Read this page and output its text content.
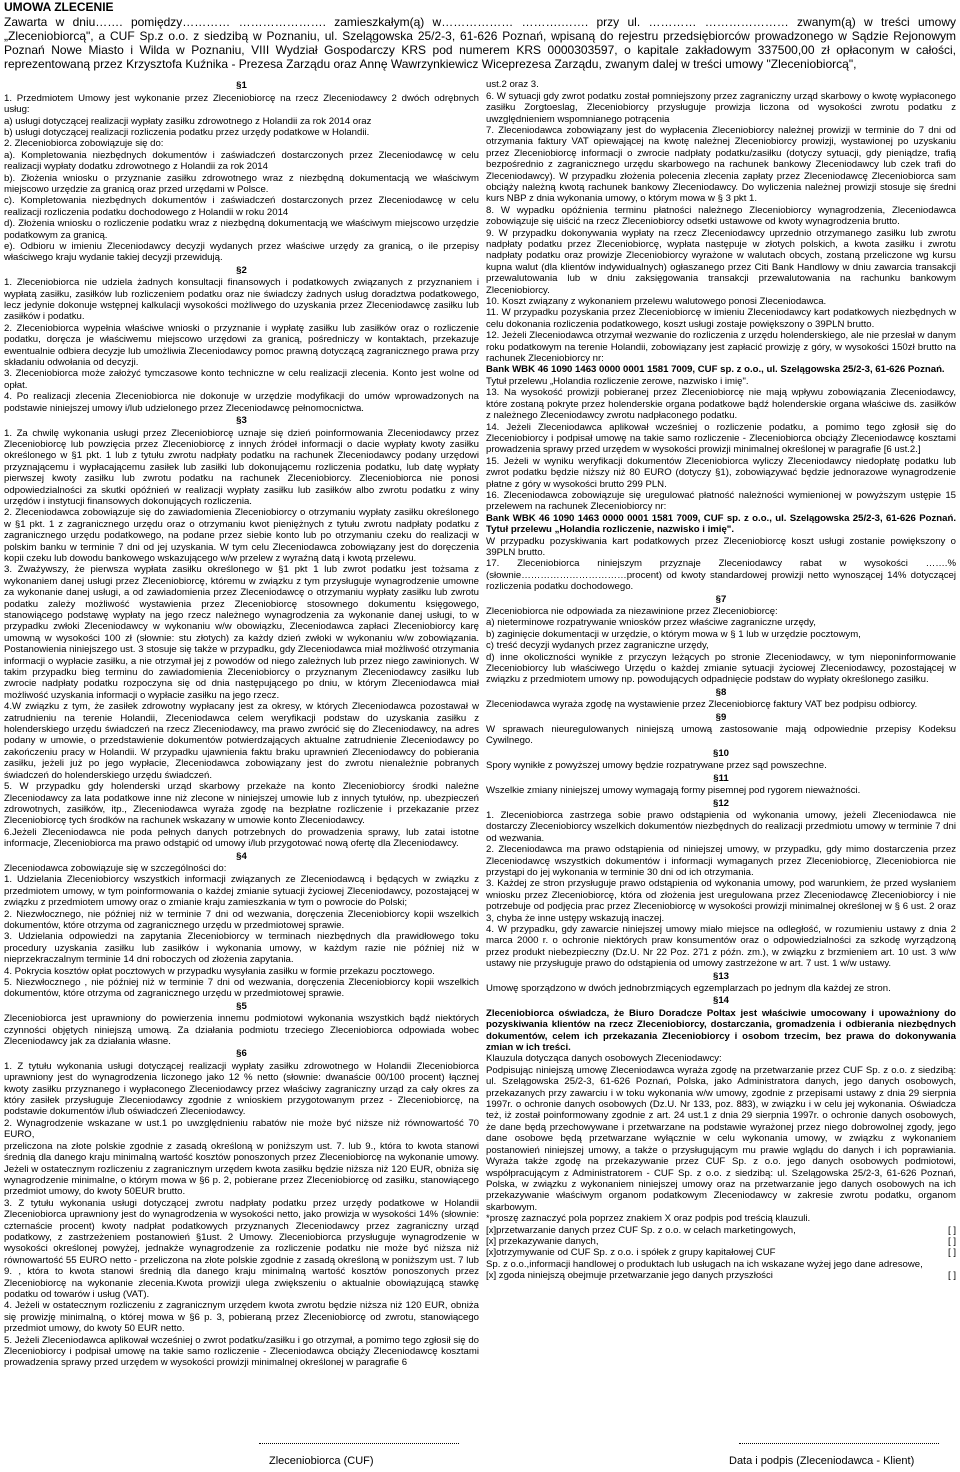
UMOWA ZLECENIE
Zawarta w dniu……. pomiędzy………… …………………. zamieszkałym(ą) w……………… ……….……. przy ul. ………… ………………… zwanym(ą) w treści umowy „Zleceniobiorcą", a CUF Sp.z o.o. z siedzibą w Poznaniu, ul. Szelągowska 25/2-3, 61-626 Poznań, wpisaną do rejestru przedsiębiorców prowadzonego w Sądzie Rejonowym Poznań Nowe Miasto i Wilda w Poznaniu, VIII Wydział Gospodarczy KRS pod numerem KRS 0000303597, o kapitale zakładowym 337500,00 zł opłaconym w całości, reprezentowaną przez Krzysztofa Kuźnika - Prezesa Zarządu oraz Annę Wawrzynkiewicz Wiceprezesa Zarządu, zwanym dalej w treści umowy "Zleceniobiorcą",
§1

1. Przedmiotem Umowy jest wykonanie przez Zleceniobiorcę na rzecz Zleceniodawcy 2 dwóch odrębnych usług:

a) usługi dotyczącej realizacji wypłaty zasiłku zdrowotnego z Holandii za rok 2014 oraz

b) usługi dotyczącej realizacji rozliczenia podatku przez urzędy podatkowe w Holandii.

2. Zleceniobiorca zobowiązuje się do:

a). Kompletowania niezbędnych dokumentów i zaświadczeń dostarczonych przez Zleceniodawcę w celu realizacji wypłaty dodatku zdrowotnego z Holandii za rok 2014

b). Złożenia wniosku o przyznanie zasiłku zdrowotnego wraz z niezbędną dokumentacją we właściwym miejscowo urzędzie za granicą oraz przed urzędami w Polsce.

c). Kompletowania niezbędnych dokumentów i zaświadczeń dostarczonych przez Zleceniodawcę w celu realizacji rozliczenia podatku dochodowego z Holandii w roku 2014

d). Złożenia wniosku o rozliczenie podatku wraz z niezbędną dokumentacją we właściwym miejscowo urzędzie podatkowym za granicą.

e). Odbioru w imieniu Zleceniodawcy decyzji wydanych przez właściwe urzędy za granicą, o ile przepisy właściwego kraju wydanie takiej decyzji przewidują.

§2

1. Zleceniobiorca nie udziela żadnych konsultacji finansowych i podatkowych związanych z przyznaniem i wypłatą zasiłku, zasiłków lub rozliczeniem podatku oraz nie świadczy żadnych usług doradztwa podatkowego, lecz jedynie dokonuje wstępnej kalkulacji wysokości możliwego do uzyskania przez Zleceniodawcę zasiłku lub zasiłków i podatku.

2. Zleceniobiorca wypełnia właściwe wnioski o przyznanie i wypłatę zasiłku lub zasiłków oraz o rozliczenie podatku, doręcza je właściwemu miejscowo urzędowi za granicą, pośredniczy w kontaktach, przekazuje ewentualnie odbiera decyzje lub umożliwia Zleceniodawcy pomoc prawną dotyczącą zagranicznego prawa przy składaniu odwołania od decyzji.

3. Zleceniobiorca może założyć tymczasowe konto techniczne w celu realizacji zlecenia. Konto jest wolne od opłat.

4. Po realizacji zlecenia Zleceniobiorca nie dokonuje w urzędzie modyfikacji do umów wprowadzonych na podstawie niniejszej umowy i/lub udzielonego przez Zleceniodawcę pełnomocnictwa.

§3

1. Za chwilę wykonania usługi przez Zleceniobiorcę uznaje się dzień poinformowania Zleceniodawcy przez Zleceniobiorcę lub powzięcia przez Zleceniobiorcę z innych źródeł informacji o dacie wypłaty kwoty zasiłku określonego w §1 pkt. 1 lub z tytułu zwrotu nadpłaty podatku na rachunek Zleceniodawcy podany urzędowi przyznającemu i wypłacającemu zasiłek lub zasiłki lub dokonującemu rozliczenia podatku, lub datę wypłaty pierwszej kwoty zasiłku lub zwrotu podatku na rachunek Zleceniobiorcy. Zleceniobiorca nie ponosi odpowiedzialności za skutki opóźnień w realizacji wypłaty zasiłku lub zasiłków albo zwrotu podatku z winy urzędów i instytucji finansowych dokonujących rozliczenia.

2. Zleceniodawca zobowiązuje się do zawiadomienia Zleceniobiorcy o otrzymaniu wypłaty zasiłku określonego w §1 pkt. 1 z zagranicznego urzędu oraz o otrzymaniu kwot pieniężnych z tytułu zwrotu nadpłaty podatku z zagranicznego urzędu podatkowego, na podane przez siebie konto lub po otrzymaniu czeku do realizacji w polskim banku w terminie 7 dni od jej uzyskania. W tym celu Zleceniodawca zobowiązany jest do doręczenia kopii czeku lub dowodu bankowego wskazującego w/w przelew z wyraźną datą i kwotą przelewu.

3. Zważywszy, że pierwsza wypłata zasiłku określonego w §1 pkt 1 lub zwrot podatku jest tożsama z wykonaniem danej usługi przez Zleceniobiorcę, któremu w związku z tym przysługuje wynagrodzenie umowne za wykonanie danej usługi, a od zawiadomienia przez Zleceniodawcę o otrzymaniu wypłaty zasiłku lub zwrotu podatku zależy możliwość wystawienia przez Zleceniobiorcę stosownego dokumentu księgowego, stanowiącego podstawę wypłaty na jego rzecz należnego wynagrodzenia za wykonanie danej usługi, to w przypadku zwłoki Zleceniodawcy w wykonaniu w/w obowiązku, Zleceniodawca zapłaci Zleceniobiorcy karę umowną w wysokości 100 zł (słownie: stu złotych) za każdy dzień zwłoki w wykonaniu w/w zobowiązania. Postanowienia niniejszego ust. 3 stosuje się także w przypadku, gdy Zleceniodawca miał możliwość otrzymania informacji o wypłacie zasiłku, a nie otrzymał jej z powodów od niego zależnych lub przez niego zawinionych. W takim przypadku bieg terminu do zawiadomienia Zleceniobiorcy o przyznanym Zleceniodawcy zasiłku lub zwrocie nadpłaty podatku rozpoczyna się od dnia następującego po dniu, w którym Zleceniodawca miał możliwość uzyskania informacji o wypłacie zasiłku na jego rzecz.

4.W związku z tym, że zasiłek zdrowotny wypłacany jest za okresy, w których Zleceniodawca pozostawał w zatrudnieniu na terenie Holandii, Zleceniodawca celem weryfikacji podstaw do uzyskania zasiłku z holenderskiego urzędu świadczeń na rzecz Zleceniodawcy, ma prawo zwrócić się do Zleceniodawcy, na adres podany w umowie, o przedstawienie dokumentów potwierdzających aktualne zatrudnienie Zleceniodawcy po zakończeniu pracy w Holandii. W przypadku ujawnienia faktu braku uprawnień Zleceniodawcy do pobierania zasiłku, jeżeli już po jego wypłacie, Zleceniodawca zobowiązany jest do zwrotu nienależnie pobranych świadczeń do holenderskiego urzędu świadczeń.

5. W przypadku gdy holenderski urząd skarbowy przekaże na konto Zleceniobiorcy środki należne Zleceniodawcy za lata podatkowe inne niż zlecone w niniejszej umowie lub z innych tytułów, np. ubezpieczeń zdrowotnych, zasiłków, itp., Zleceniodawca wyraża zgodę na bezpłatne rozliczenie i przekazanie przez Zleceniobiorcę tych środków na rachunek wskazany w umowie konto Zleceniodawcy.

6.Jeżeli Zleceniodawca nie poda pełnych danych potrzebnych do prowadzenia sprawy, lub zatai istotne informacje, Zleceniobiorca ma prawo odstąpić od umowy i/lub przygotować nową ofertę dla Zleceniodawcy.

§4

Zleceniodawca zobowiązuje się w szczególności do:

1. Udzielania Zleceniobiorcy wszystkich informacji związanych ze Zleceniodawcą i będących w związku z przedmiotem umowy, w tym poinformowania o każdej zmianie sytuacji życiowej Zleceniodawcy, pozostającej w związku z przedmiotem umowy oraz o zmianie kraju zamieszkania w tym o powrocie do Polski;

2. Niezwłocznego, nie później niż w terminie 7 dni od wezwania, doręczenia Zleceniobiorcy kopii wszelkich dokumentów, które otrzyma od zagranicznego urzędu w przedmiotowej sprawie.

3. Udzielania odpowiedzi na zapytania Zleceniobiorcy w terminach niezbędnych dla prawidłowego toku procedury uzyskania zasiłku lub zasiłków i wykonania umowy, w każdym razie nie później niż w nieprzekraczalnym terminie 14 dni roboczych od złożenia zapytania.

4. Pokrycia kosztów opłat pocztowych w przypadku wysyłania zasiłku w formie przekazu pocztowego.

5. Niezwłocznego , nie później niż w terminie 7 dni od wezwania, doręczenia Zleceniobiorcy kopii wszelkich dokumentów, które otrzyma od zagranicznego urzędu w przedmiotowej sprawie.

§5

Zleceniobiorca jest uprawniony do powierzenia innemu podmiotowi wykonania wszystkich bądź niektórych czynności objętych niniejszą umową. Za działania podmiotu trzeciego Zleceniobiorca odpowiada wobec Zleceniodawcy jak za działania własne.

§6

1. Z tytułu wykonania usługi dotyczącej realizacji wypłaty zasiłku zdrowotnego w Holandii Zleceniobiorca uprawniony jest do wynagrodzenia liczonego jako 12 % netto (słownie: dwanaście 00/100 procent) łącznej kwoty zasiłku przyznanego i wypłaconego Zleceniodawcy przez właściwy zagraniczny urząd za cały okres za który zasiłek przysługuje Zleceniodawcy zgodnie z wnioskiem przygotowanym przez - Zleceniobiorcę, na podstawie dokumentów i/lub oświadczeń Zleceniodawcy.

2. Wynagrodzenie wskazane w ust.1 po uwzględnieniu rabatów nie może być niższe niż równowartość 70 EURO,

przeliczona na złote polskie zgodnie z zasadą określoną w poniższym ust. 7. lub 9., która to kwota stanowi średnią dla danego kraju minimalną wartość kosztów ponoszonych przez Zleceniobiorcę na wykonanie umowy. Jeżeli w ostatecznym rozliczeniu z zagranicznym urzędem kwota zasiłku będzie niższa niż 120 EUR, obniża się wynagrodzenie minimalne, o którym mowa w §6 p. 2, pobierane przez Zleceniobiorcę od zasiłku, stanowiącego przedmiot umowy, do kwoty 50EUR brutto.

3. Z tytułu wykonania usługi dotyczącej zwrotu nadpłaty podatku przez urzędy podatkowe w Holandii Zleceniobiorca uprawniony jest do wynagrodzenia w wysokości netto, jako prowizja w wysokości 14% (słownie: czternaście procent) kwoty nadpłat podatkowych przyznanych Zleceniodawcy przez zagraniczny urząd podatkowy, z zastrzeżeniem postanowień §1ust. 2 Umowy. Zleceniobiorca przysługuje wynagrodzenie w wysokości określonej powyżej, jednakże wynagrodzenie za rozliczenie podatku nie może być niższa niż równowartość 55 EURO netto - przeliczona na złote polskie zgodnie z zasadą określoną w poniższym ust. 7 lub 9. , która to kwota stanowi średnią dla danego kraju minimalną wartość kosztów ponoszonych przez Zleceniobiorcę na wykonanie zlecenia.Kwota prowizji ulega zwiększeniu o aktualnie obowiązującą stawkę podatku od towarów i usług (VAT).

4. Jeżeli w ostatecznym rozliczeniu z zagranicznym urzędem kwota zwrotu będzie niższa niż 120 EUR, obniża się prowizję minimalną, o której mowa w §6 p. 3, pobieraną przez Zleceniobiorcę od zwrotu, stanowiącego przedmiot umowy, do kwoty 50 EUR netto.

5. Jeżeli Zleceniodawca aplikował wcześniej o zwrot podatku/zasiłku i go otrzymał, a pomimo tego zgłosił się do Zleceniobiorcy i podpisał umowę na takie samo rozliczenie - Zleceniodawca obciąży Zleceniodawcę kosztami prowadzenia sprawy przed urzędem w wysokości prowizji minimalnej określonej w paragrafie 6

ust.2 oraz 3.

6. W sytuacji gdy zwrot podatku został pomniejszony przez zagraniczny urząd skarbowy o kwotę wypłaconego zasiłku Zorgtoeslag, Zleceniobiorcy przysługuje prowizja liczona od wysokości zwrotu podatku z uwzględnieniem wspomnianego potrącenia

7. Zleceniodawca zobowiązany jest do wypłacenia Zleceniobiorcy należnej prowizji w terminie do 7 dni od otrzymania faktury VAT opiewającej na kwotę należnej Zleceniobiorcy prowizji, wystawionej po uzyskaniu przez Zleceniobiorcę informacji o zwrocie nadpłaty podatku/zasiłku (dotyczy sytuacji, gdy pieniądze, trafią bezpośrednio z zagranicznego urzędu skarbowego na rachunek bankowy Zleceniodawcy lub czek trafi do Zleceniodawcy). W przypadku złożenia polecenia zlecenia zapłaty przez Zleceniodawcę Zleceniobiorca sam obciąży należną kwotą rachunek bankowy Zleceniodawcy. Do wyliczenia należnej prowizji stosuje się średni kurs NBP z dnia wykonania umowy, o którym mowa w § 3 pkt 1.

8. W wypadku opóźnienia terminu płatności należnego Zleceniobiorcy wynagrodzenia, Zleceniodawca zobowiązuje się uiścić na rzecz Zleceniobiorcy odsetki ustawowe od kwoty wynagrodzenia brutto.

9. W przypadku dokonywania wypłaty na rzecz Zleceniodawcy uprzednio otrzymanego zasiłku lub zwrotu nadpłaty podatku przez Zleceniobiorcę, wypłata następuje w złotych polskich, a kwota zasiłku i zwrotu nadpłaty podatku oraz prowizje Zleceniobiorcy wyrażone w walutach obcych, zostaną przeliczone wg kursu kupna walut (dla klientów indywidualnych) ogłaszanego przez Citi Bank Handlowy w dniu zawarcia transakcji przewalutowania lub w dniu zaksięgowania transakcji przewalutowania na rachunku bankowym Zleceniobiorcy.

10. Koszt związany z wykonaniem przelewu walutowego ponosi Zleceniodawca.

11. W przypadku pozyskania przez Zleceniobiorcę w imieniu Zleceniodawcy kart podatkowych niezbędnych w celu dokonania rozliczenia podatkowego, koszt usługi zostaje powiększony o 39PLN brutto.

12. Jeżeli Zleceniodawca otrzymał wezwanie do rozliczenia z urzędu holenderskiego, ale nie przesłał w danym roku podatkowym na terenie Holandii, zobowiązany jest zapłacić prowizję z góry, w wysokości 150zł brutto na rachunek Zleceniobiorcy nr:

Bank WBK 46 1090 1463 0000 0001 1581 7009, CUF sp. z o.o., ul. Szelągowska 25/2-3, 61-626 Poznań.

Tytuł przelewu „Holandia rozliczenie zerowe, nazwisko i imię".

13. Na wysokość prowizji pobieranej przez Zleceniobiorcę nie mają wpływu zobowiązania Zleceniodawcy, które zostaną pokryte przez holenderskie organa podatkowe bądź holenderskie organa właściwe ds. zasiłków z należnego Zleceniodawcy zwrotu nadpłaconego podatku.

14. Jeżeli Zleceniodawca aplikował wcześniej o rozliczenie podatku, a pomimo tego zgłosił się do Zleceniobiorcy i podpisał umowę na takie samo rozliczenie - Zleceniobiorca obciąży Zleceniodawcę kosztami prowadzenia sprawy przed urzędem w wysokości prowizji minimalnej określonej w paragrafie [6 ust.2.]

15. Jeżeli w wyniku weryfikacji dokumentów Zleceniobiorca wyliczy Zleceniodawcy niedopłatę podatku lub zwrot podatku będzie niższy niż 80 EURO (dotyczy §1), zobowiązywać będzie jednorazowe wynagrodzenie płatne z góry w wysokości brutto 299 PLN.

16. Zleceniodawca zobowiązuje się uregulować płatność należności wymienionej w powyższym ustępie 15 przelewem na rachunek Zleceniobiorcy nr:

Bank WBK 46 1090 1463 0000 0001 1581 7009, CUF sp. z o.o., ul. Szelągowska 25/2-3, 61-626 Poznań. Tytuł przelewu „Holandia rozliczenie, nazwisko i imię".

W przypadku pozyskiwania kart podatkowych przez Zleceniobiorcę koszt usługi zostanie powiększony o 39PLN brutto.

17. Zleceniobiorca niniejszym przyznaje Zleceniodawcy rabat w wysokości …….% (słownie……………………………procent) od kwoty standardowej prowizji netto wynoszącej 14% dotyczącej rozliczenia podatku dochodowego.

§7

Zleceniobiorca nie odpowiada za niezawinione przez Zleceniobiorcę:

a) nieterminowe rozpatrywanie wniosków przez właściwe zagraniczne urzędy,

b) zaginięcie dokumentacji w urzędzie, o którym mowa w § 1 lub w urzędzie pocztowym,

c) treść decyzji wydanych przez zagraniczne urzędy,

d) inne okoliczności wynikłe z przyczyn leżących po stronie Zleceniodawcy, w tym nieponinformowanie Zleceniobiorcy lub właściwego Urzędu o każdej zmianie sytuacji życiowej Zleceniodawcy, pozostającej w związku z przedmiotem umowy np. powodujących odpadnięcie podstaw do wypłaty określonego zasiłku.

§8

Zleceniodawca wyraża zgodę na wystawienie przez Zleceniobiorcę faktury VAT bez podpisu odbiorcy.

§9

W sprawach nieuregulowanych niniejszą umową zastosowanie mają odpowiednie przepisy Kodeksu Cywilnego.

§10

Spory wynikłe z powyższej umowy będzie rozpatrywane przez sąd powszechne.

§11

Wszelkie zmiany niniejszej umowy wymagają formy pisemnej pod rygorem nieważności.

§12

1. Zleceniobiorca zastrzega sobie prawo odstąpienia od wykonania umowy, jeżeli Zleceniodawca nie dostarczy Zleceniobiorcy wszelkich dokumentów niezbędnych do realizacji przedmiotu umowy w terminie 7 dni od wezwania.

2. Zleceniodawca ma prawo odstąpienia od niniejszej umowy, w przypadku, gdy mimo dostarczenia przez Zleceniodawcę wszystkich dokumentów i informacji wymaganych przez Zleceniobiorcę, Zleceniobiorca nie przystąpi do jej wykonania w terminie 30 dni od ich otrzymania.

3. Każdej ze stron przysługuje prawo odstąpienia od wykonania umowy, pod warunkiem, że przed wysłaniem wniosku przez Zleceniobiorcę, która od złożenia jest uregulowana przez Zleceniodawcę Zleceniobiorcy i nie potrzebuje od podjęcia prac przez Zleceniobiorcę w wysokości prowizji minimalnej określonej w § 6 ust. 2 oraz 3, chyba że inne ustępy wskazują inaczej.

4. W przypadku, gdy zawarcie niniejszej umowy miało miejsce na odległość, w rozumieniu ustawy z dnia 2 marca 2000 r. o ochronie niektórych praw konsumentów oraz o odpowiedzialności za szkodę wyrządzoną przez produkt niebezpieczny (Dz.U. Nr 22 Poz. 271 z późn. zm.), w związku z brzmieniem art. 10 ust. 3 w/w ustawy nie przysługuje prawo do odstąpienia od umowy zastrzeżone w art. 7 ust. 1 w/w ustawy.

§13

Umowę sporządzono w dwóch jednobrzmiących egzemplarzach po jednym dla każdej ze stron.

§14

Zleceniobiorca oświadcza, że Biuro Doradcze Poltax jest właściwie umocowany i upoważniony do pozyskiwania klientów na rzecz Zleceniobiorcy, dostarczania, gromadzenia i odbierania niezbędnych dokumentów, celem ich przekazania Zleceniobiorcy i osobom trzecim, bez prawa do dokonywania zmian w ich treści.

Klauzula dotycząca danych osobowych Zleceniodawcy:

Podpisując niniejszą umowę Zleceniodawca wyraża zgodę na przetwarzanie przez CUF Sp. z o.o. z siedzibą: ul. Szelągowska 25/2-3, 61-626 Poznań, Polska, jako Administratora danych, jego danych osobowych, przekazanych przy zawarciu i w toku wykonania w/w umowy, zgodnie z przepisami ustawy z dnia 29 sierpnia 1997r. o ochronie danych osobowych (Dz.U. Nr 133, poz. 883), w związku i w celu jej wykonania. Oświadcza też, iż został poinformowany zgodnie z art. 24 ust.1 z dnia 29 sierpnia 1997r. o ochronie danych osobowych, że dane będą przechowywane i przetwarzane na podstawie wyrażonej przez niego dobrowolnej zgody, jego dane osobowe będą przetwarzane wyłącznie w celu wykonania umowy, w związku z wykonaniem postanowień niniejszej umowy, a także o przysługującym mu prawie wglądu do danych i ich poprawiania. Wyraża także zgodę na przekazywanie przez CUF Sp. z o.o. jego danych osobowych podmiotowi, współpracującym z Administratorem - CUF Sp. z o.o. z siedzibą: ul. Szelągowska 25/2-3, 61-626 Poznań, Polska, w związku z wykonaniem niniejszej umowy oraz na przetwarzanie jego danych osobowych na ich przekazywanie właściwym organom podatkowym Zleceniodawcy w zakresie zwrotu podatku, organom skarbowym.

*proszę zaznaczyć pola poprzez znakiem X oraz podpis pod treścią klauzuli.

[x]przetwarzanie danych przez CUF Sp. z o.o. w celach marketingowych,	[ ]
[x] przekazywanie danych,	[ ]
[x]otrzymywanie od CUF Sp. z o.o. i spółek z grupy kapitałowej CUF	[ ]

Sp. z o.o.,informacji handlowej o produktach lub usługach na ich wskazane wyżej jego dane adresowe,

[x] zgoda niniejszą obejmuje przetwarzanie jego danych przyszłości	[ ]
Zleceniobiorca (CUF)	Data i podpis (Zleceniodawca - Klient)
